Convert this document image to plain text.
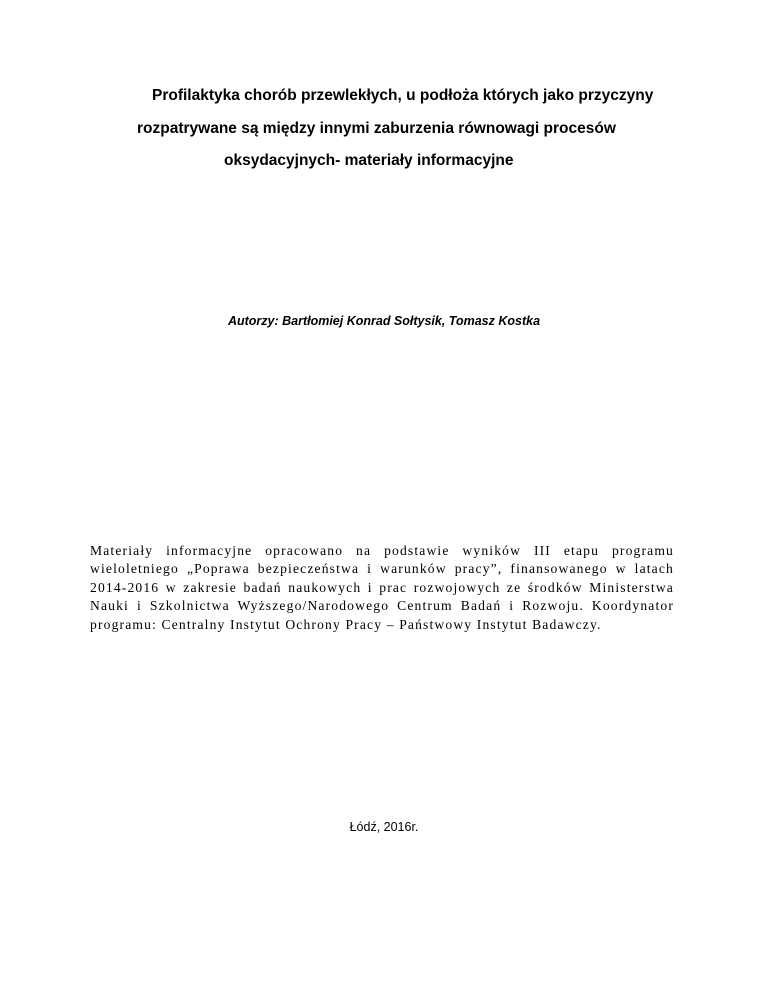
Profilaktyka chorób przewlekłych, u podłoża których jako przyczyny
rozpatrywane są między innymi zaburzenia równowagi procesów
oksydacyjnych- materiały informacyjne
Autorzy: Bartłomiej Konrad Sołtysik, Tomasz Kostka
Materiały informacyjne opracowano na podstawie wyników III etapu programu wieloletniego „Poprawa bezpieczeństwa i warunków pracy”, finansowanego w latach 2014-2016 w zakresie badań naukowych i prac rozwojowych ze środków Ministerstwa Nauki i Szkolnictwa Wyższego/Narodowego Centrum Badań i Rozwoju. Koordynator programu: Centralny Instytut Ochrony Pracy – Państwowy Instytut Badawczy.
Łódź, 2016r.
